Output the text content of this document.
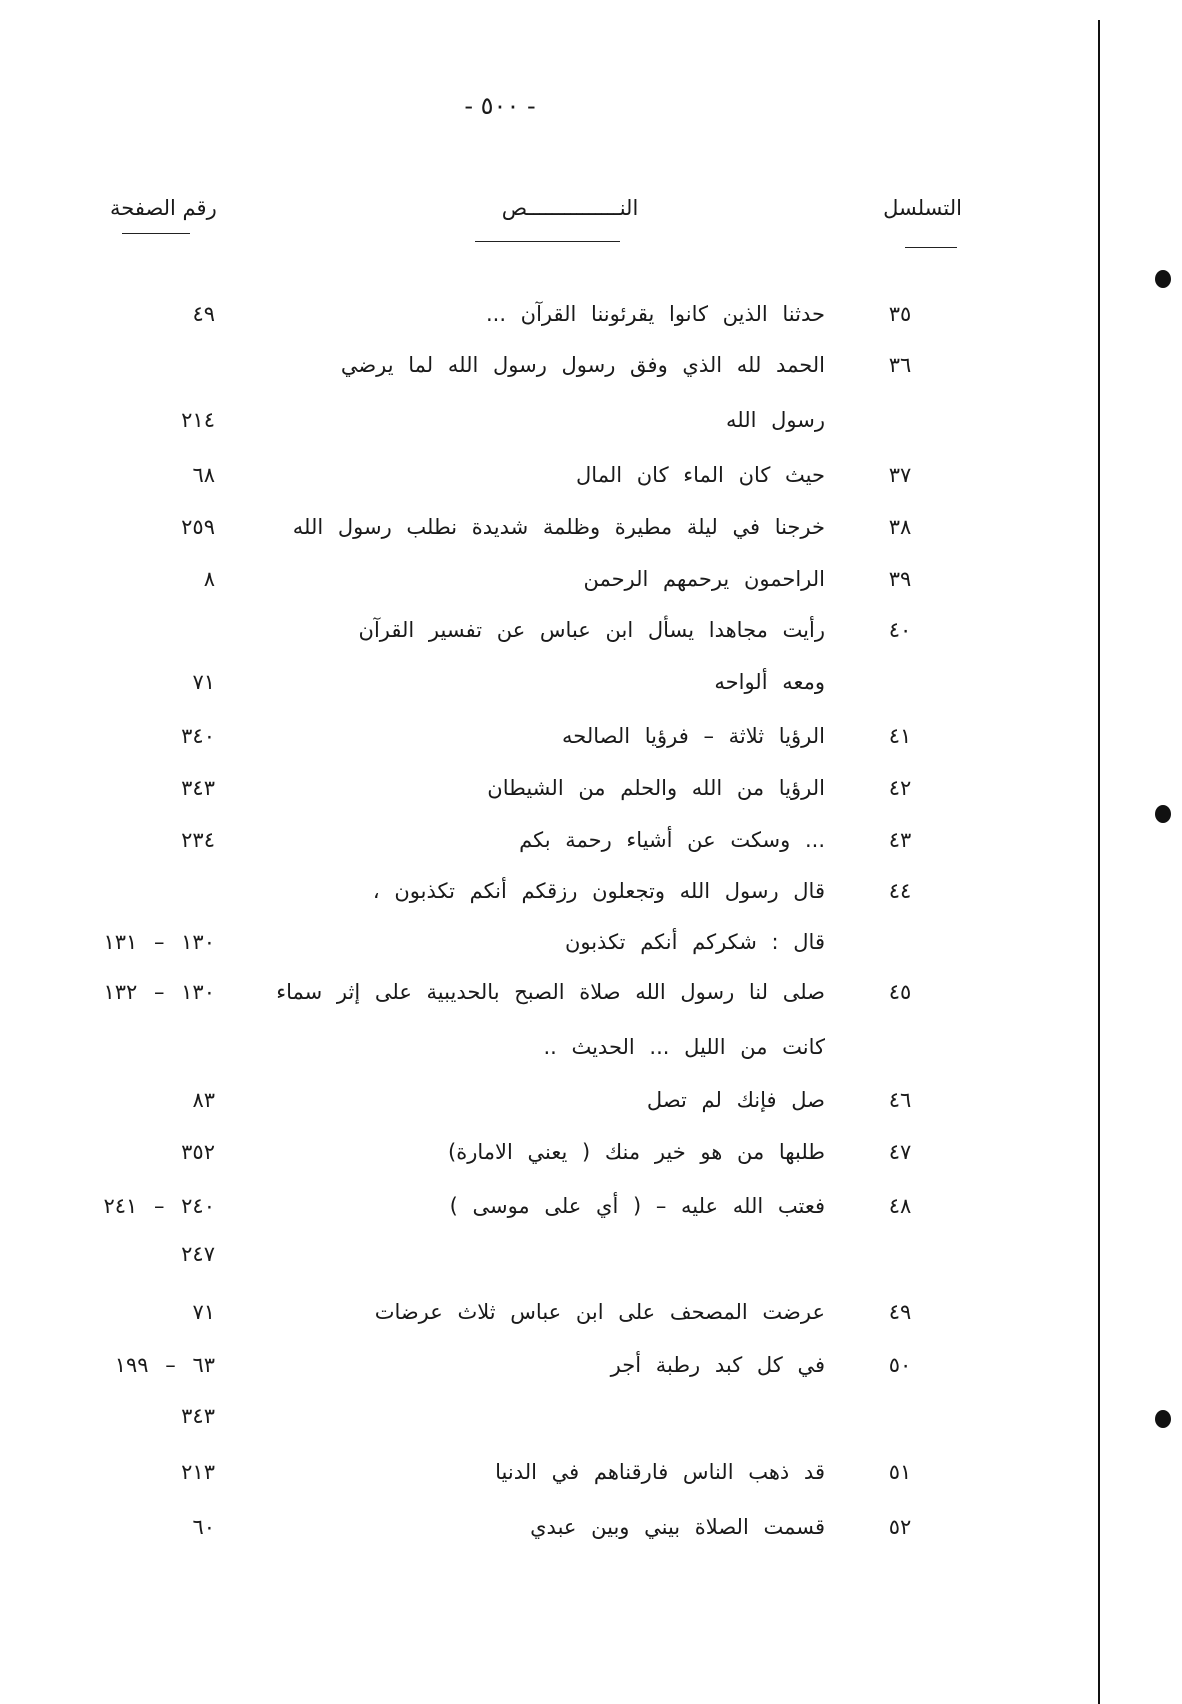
- ٥٠٠ -
التسلسل
النـــــــــــــــص
رقم الصفحة
٣٥
حدثنا الذين كانوا يقرئوننا القرآن ...
٤٩
٣٦
الحمد لله الذي وفق رسول رسول الله لما يرضي
رسول الله
٢١٤
٣٧
حيث كان الماء كان المال
٦٨
٣٨
خرجنا في ليلة مطيرة وظلمة شديدة نطلب رسول الله
٢٥٩
٣٩
الراحمون يرحمهم الرحمن
٨
٤٠
رأيت مجاهدا يسأل ابن عباس عن تفسير القرآن
ومعه ألواحه
٧١
٤١
الرؤيا ثلاثة – فرؤيا الصالحه
٣٤٠
٤٢
الرؤيا من الله والحلم من الشيطان
٣٤٣
٤٣
... وسكت عن أشياء رحمة بكم
٢٣٤
٤٤
قال رسول الله وتجعلون رزقكم أنكم تكذبون ،
قال : شكركم أنكم تكذبون
١٣٠ – ١٣١
٤٥
صلى لنا رسول الله صلاة الصبح بالحديبية على إثر سماء
١٣٠ – ١٣٢
كانت من الليل ... الحديث ..
٤٦
صل فإنك لم تصل
٨٣
٤٧
طلبها من هو خير منك ( يعني الامارة)
٣٥٢
٤٨
فعتب الله عليه – ( أي على موسى )
٢٤٠ – ٢٤١
٢٤٧
٤٩
عرضت المصحف على ابن عباس ثلاث عرضات
٧١
٥٠
في كل كبد رطبة أجر
٦٣ – ١٩٩
٣٤٣
٥١
قد ذهب الناس فارقناهم في الدنيا
٢١٣
٥٢
قسمت الصلاة بيني وبين عبدي
٦٠
